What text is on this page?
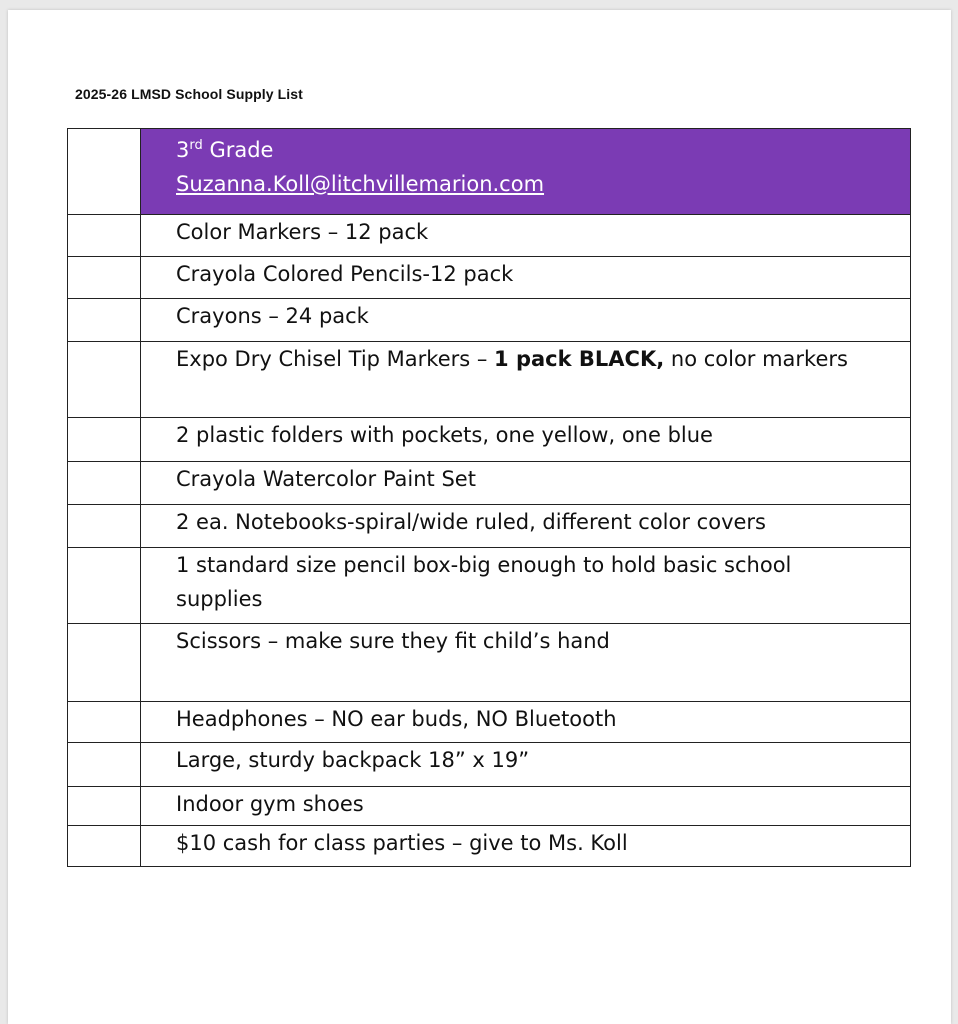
2025-26 LMSD School Supply List

	3rd Grade
Suzanna.Koll@litchvillemarion.com

	Color Markers – 12 pack
	Crayola Colored Pencils-12 pack
	Crayons – 24 pack
	Expo Dry Chisel Tip Markers – 1 pack BLACK, no color markers
	2 plastic folders with pockets, one yellow, one blue
	Crayola Watercolor Paint Set
	2 ea. Notebooks-spiral/wide ruled, different color covers

	1 standard size pencil box-big enough to hold basic school
supplies

	Scissors – make sure they fit child’s hand
	Headphones – NO ear buds, NO Bluetooth
	Large, sturdy backpack 18” x 19”
	Indoor gym shoes
	$10 cash for class parties – give to Ms. Koll
